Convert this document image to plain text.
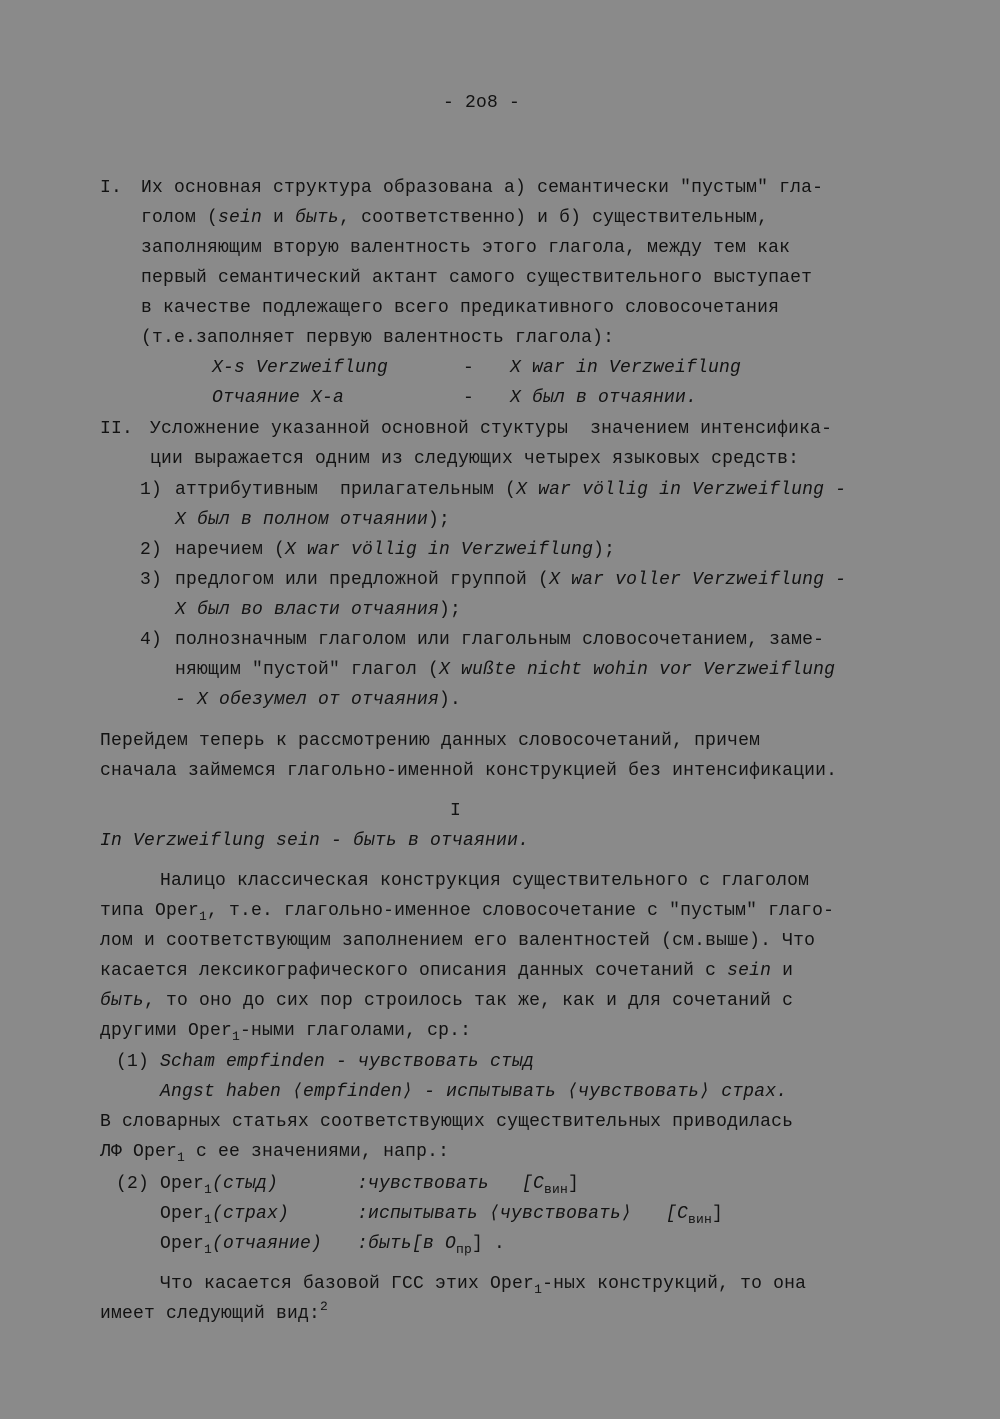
- 2o8 -
I. Их основная структура образована а) семантически "пустым" гла-
голом (sein и быть, соответственно) и б) существительным,
заполняющим вторую валентность этого глагола, между тем как
первый семантический актант самого существительного выступает
в качестве подлежащего всего предикативного словосочетания
(т.е.заполняет первую валентность глагола):
X-s Verzweiflung	- X war in Verzweiflung
Отчаяние X-а	- X был в отчаянии.
II. Усложнение указанной основной стуктуры  значением интенсифика-
ции выражается одним из следующих четырех языковых средств:
1) аттрибутивным  прилагательным (X war völlig in Verzweiflung -
X был в полном отчаянии);
2) наречием (X war völlig in Verzweiflung);
3) предлогом или предложной группой (X war voller Verzweiflung -
X был во власти отчаяния);
4) полнозначным глаголом или глагольным словосочетанием, заме-
няющим "пустой" глагол (X wußte nicht wohin vor Verzweiflung
- X обезумел от отчаяния).
Перейдем теперь к рассмотрению данных словосочетаний, причем
сначала займемся глагольно-именной конструкцией без интенсификации.
I
In Verzweiflung sein - быть в отчаянии.
Налицо классическая конструкция существительного с глаголом
типа Oper$_1$, т.е. глагольно-именное словосочетание с "пустым" глаго-
лом и соответствующим заполнением его валентностей (см.выше). Что
касается лексикографического описания данных сочетаний с sein и
быть, то оно до сих пор строилось так же, как и для сочетаний с
другими Oper$_1$-ными глаголами, ср.:
(1) Scham empfinden - чувствовать стыд
Angst haben ⟨empfinden⟩ - испытывать ⟨чувствовать⟩ страх.
В словарных статьях соответствующих существительных приводилась
ЛФ Oper$_1$ с ее значениями, напр.:
(2) Oper$_1$(стыд)	:чувствовать $[C_{вин}]$
Oper$_1$(страх)	:испытывать ⟨чувствовать⟩ $[C_{вин}]$
Oper$_1$(отчаяние) :быть [в $O_{пр}$] .
Что касается базовой ГСС этих Oper$_1$-ных конструкций, то она
имеет следующий вид:$^2$
